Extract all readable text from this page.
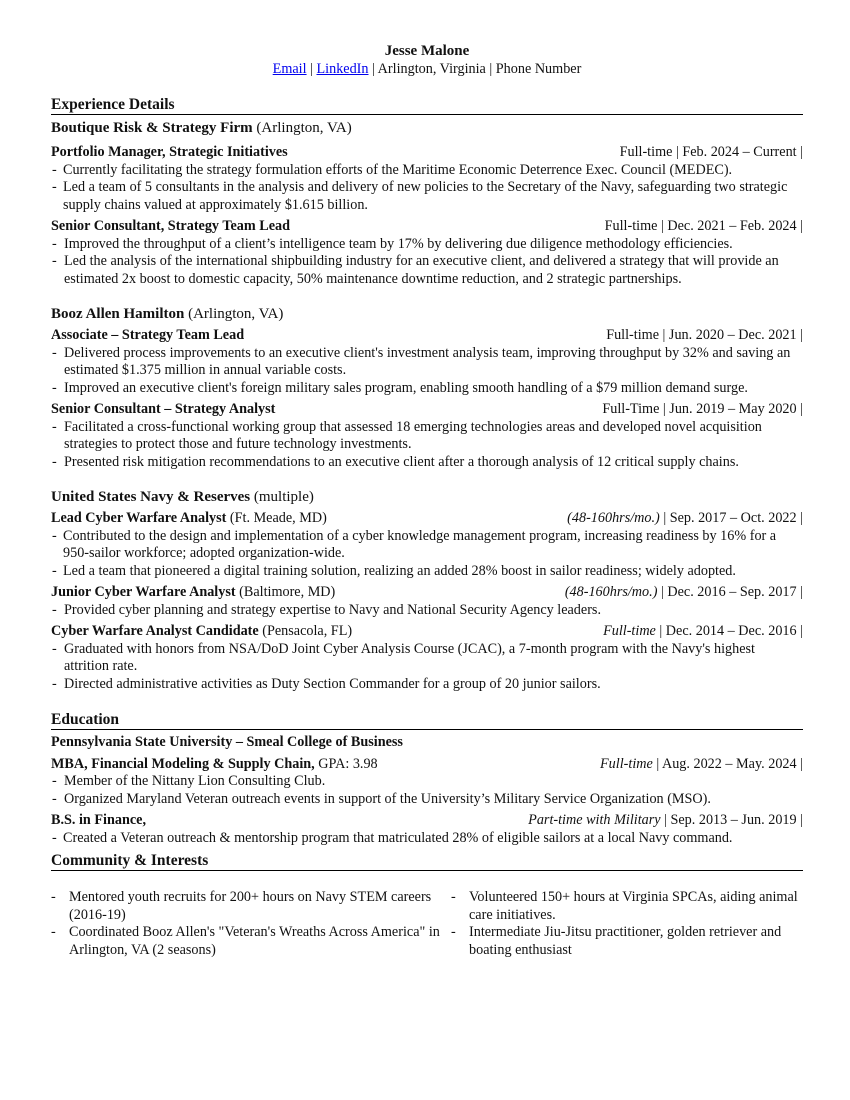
Jesse Malone
Email | LinkedIn | Arlington, Virginia | Phone Number
Experience Details
Boutique Risk & Strategy Firm (Arlington, VA)
Portfolio Manager, Strategic Initiatives	Full-time | Feb. 2024 – Current |
- Currently facilitating the strategy formulation efforts of the Maritime Economic Deterrence Exec. Council (MEDEC).
- Led a team of 5 consultants in the analysis and delivery of new policies to the Secretary of the Navy, safeguarding two strategic supply chains valued at approximately $1.615 billion.
Senior Consultant, Strategy Team Lead	Full-time | Dec. 2021 – Feb. 2024 |
- Improved the throughput of a client’s intelligence team by 17% by delivering due diligence methodology efficiencies.
- Led the analysis of the international shipbuilding industry for an executive client, and delivered a strategy that will provide an estimated 2x boost to domestic capacity, 50% maintenance downtime reduction, and 2 strategic partnerships.
Booz Allen Hamilton (Arlington, VA)
Associate – Strategy Team Lead	Full-time | Jun. 2020 – Dec. 2021 |
- Delivered process improvements to an executive client's investment analysis team, improving throughput by 32% and saving an estimated $1.375 million in annual variable costs.
- Improved an executive client's foreign military sales program, enabling smooth handling of a $79 million demand surge.
Senior Consultant – Strategy Analyst	Full-Time | Jun. 2019 – May 2020 |
- Facilitated a cross-functional working group that assessed 18 emerging technologies areas and developed novel acquisition strategies to protect those and future technology investments.
- Presented risk mitigation recommendations to an executive client after a thorough analysis of 12 critical supply chains.
United States Navy & Reserves (multiple)
Lead Cyber Warfare Analyst (Ft. Meade, MD)	(48-160hrs/mo.) | Sep. 2017 – Oct. 2022 |
- Contributed to the design and implementation of a cyber knowledge management program, increasing readiness by 16% for a 950-sailor workforce; adopted organization-wide.
- Led a team that pioneered a digital training solution, realizing an added 28% boost in sailor readiness; widely adopted.
Junior Cyber Warfare Analyst (Baltimore, MD)	(48-160hrs/mo.) | Dec. 2016 – Sep. 2017 |
- Provided cyber planning and strategy expertise to Navy and National Security Agency leaders.
Cyber Warfare Analyst Candidate (Pensacola, FL)	Full-time | Dec. 2014 – Dec. 2016 |
- Graduated with honors from NSA/DoD Joint Cyber Analysis Course (JCAC), a 7-month program with the Navy's highest attrition rate.
- Directed administrative activities as Duty Section Commander for a group of 20 junior sailors.
Education
Pennsylvania State University – Smeal College of Business
MBA, Financial Modeling & Supply Chain, GPA: 3.98	Full-time | Aug. 2022 – May. 2024 |
- Member of the Nittany Lion Consulting Club.
- Organized Maryland Veteran outreach events in support of the University’s Military Service Organization (MSO).
B.S. in Finance,	Part-time with Military | Sep. 2013 – Jun. 2019 |
- Created a Veteran outreach & mentorship program that matriculated 28% of eligible sailors at a local Navy command.
Community & Interests
- Mentored youth recruits for 200+ hours on Navy STEM careers (2016-19)
- Coordinated Booz Allen's "Veteran's Wreaths Across America" in Arlington, VA (2 seasons)
- Volunteered 150+ hours at Virginia SPCAs, aiding animal care initiatives.
- Intermediate Jiu-Jitsu practitioner, golden retriever and boating enthusiast
